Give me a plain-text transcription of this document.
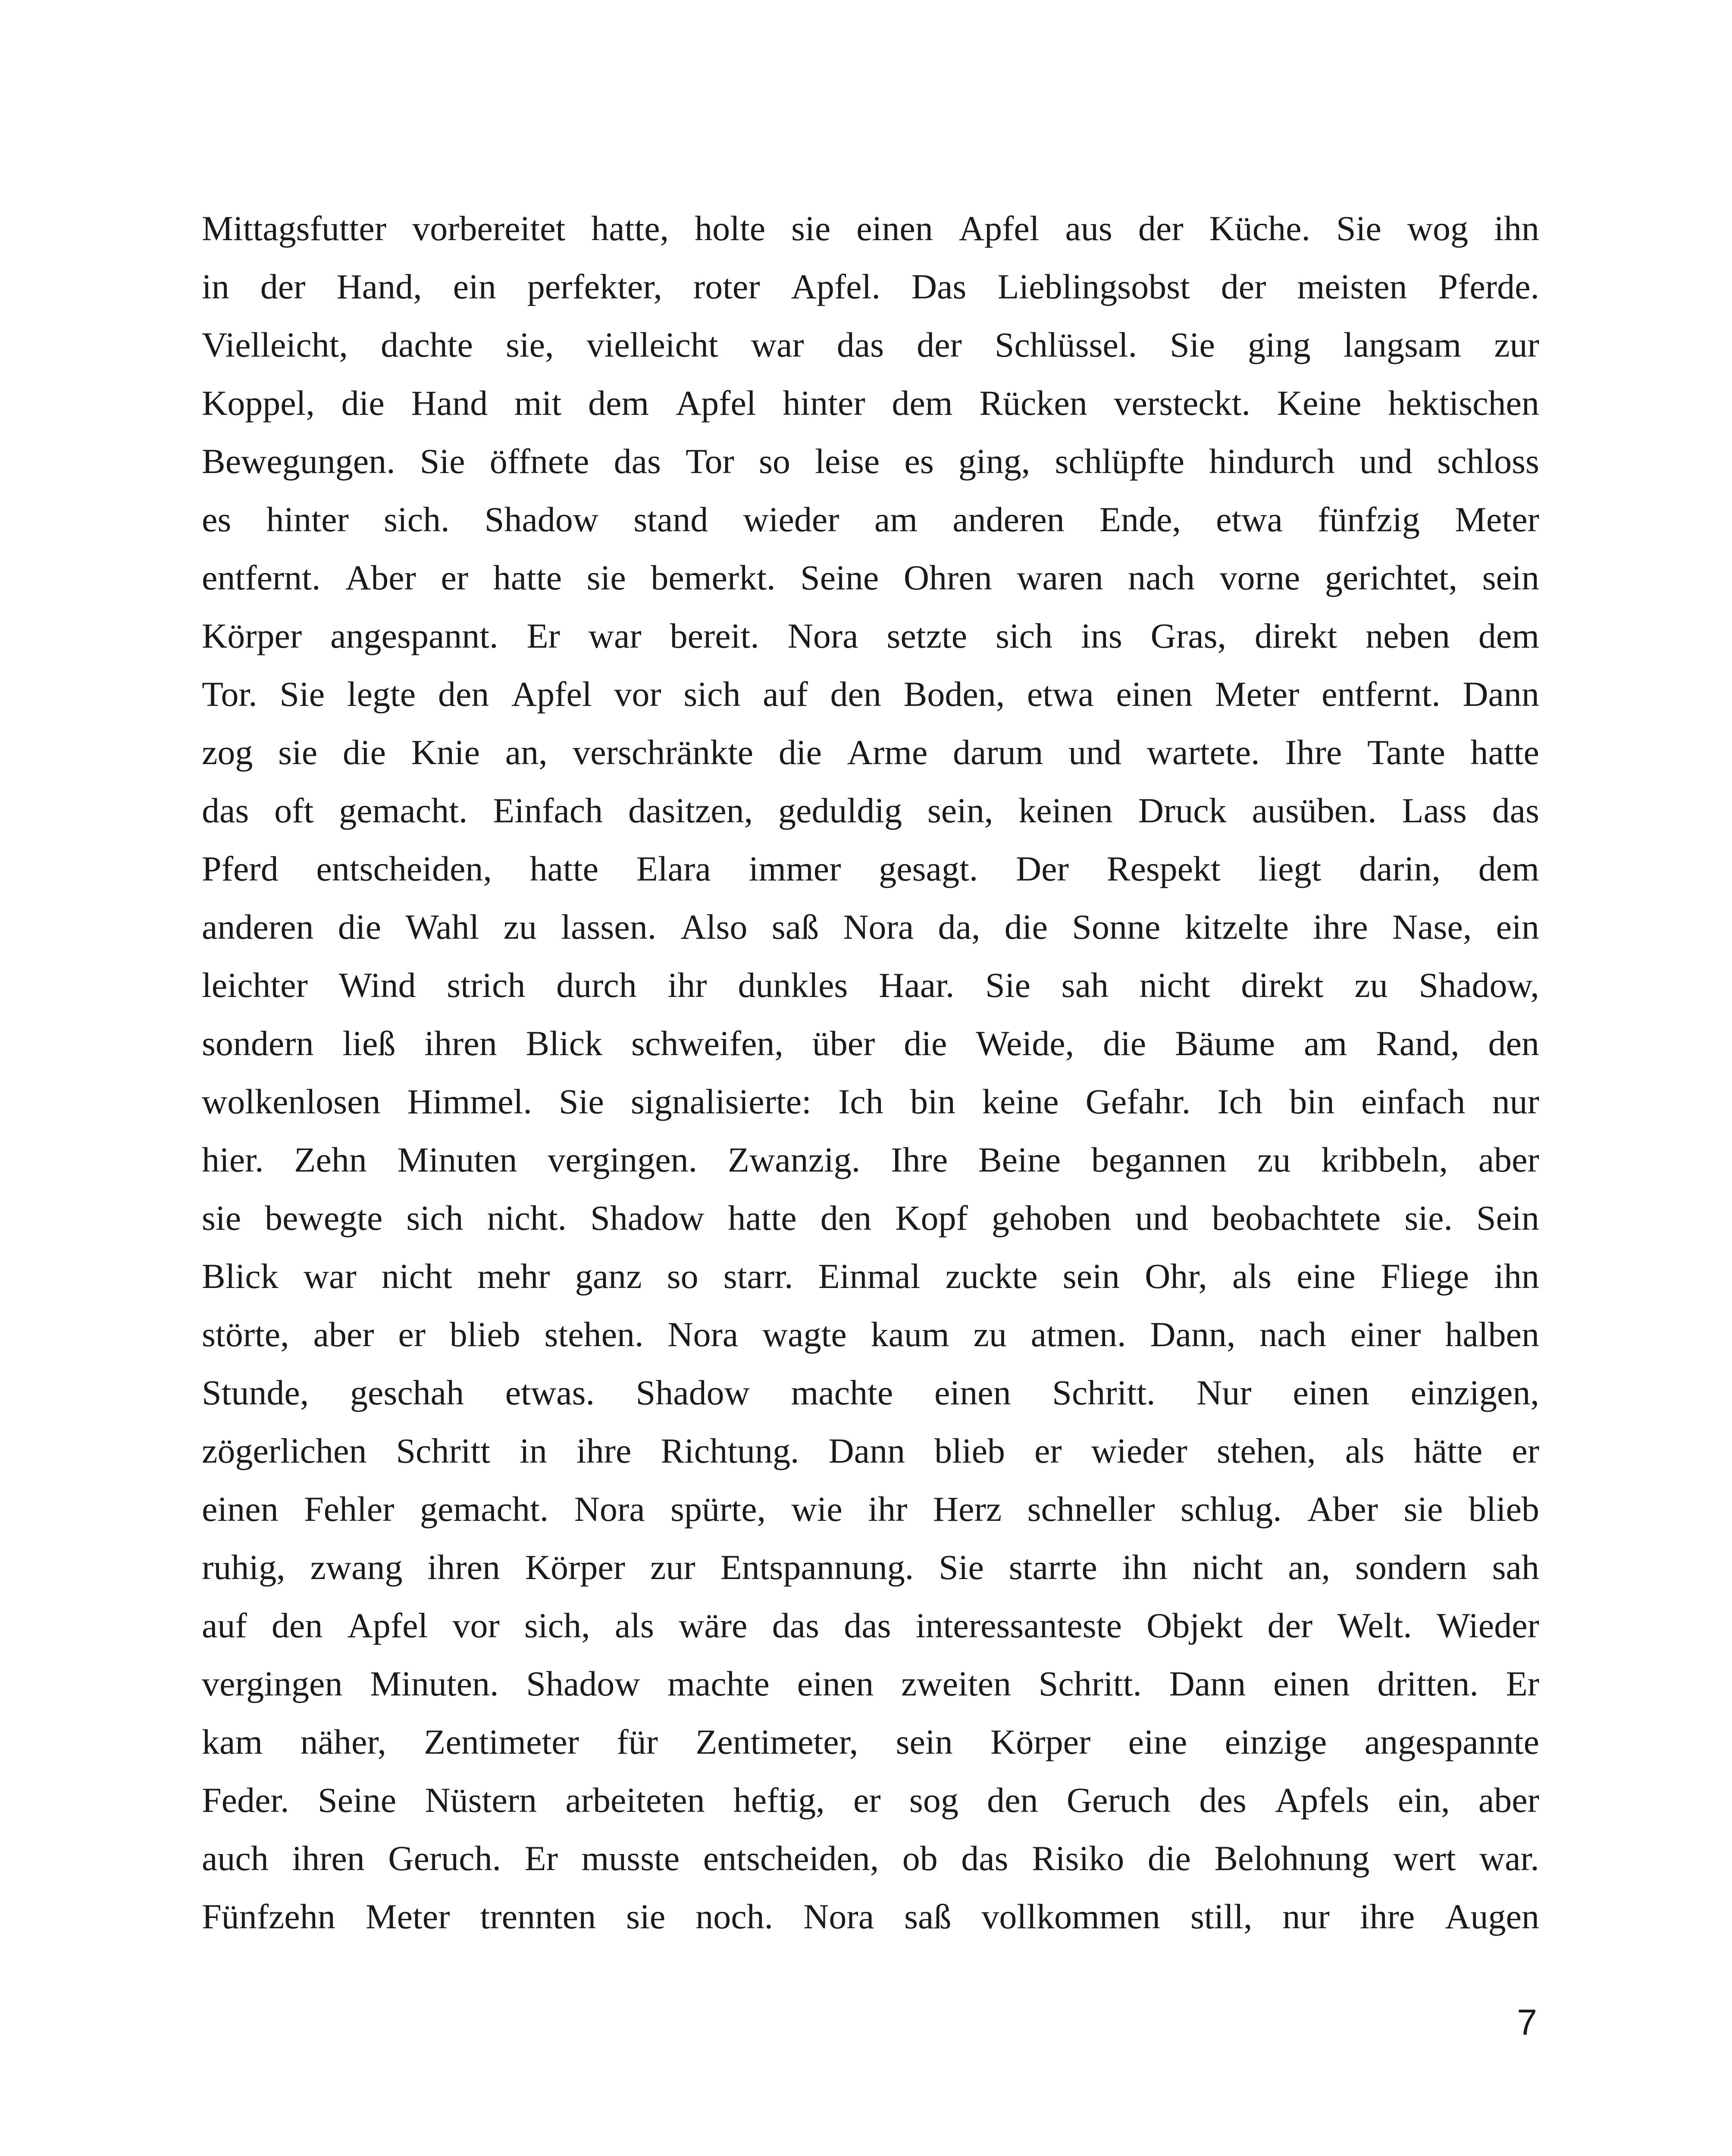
Mittagsfutter vorbereitet hatte, holte sie einen Apfel aus der Küche. Sie wog ihn
in der Hand, ein perfekter, roter Apfel. Das Lieblingsobst der meisten Pferde.
Vielleicht, dachte sie, vielleicht war das der Schlüssel. Sie ging langsam zur
Koppel, die Hand mit dem Apfel hinter dem Rücken versteckt. Keine hektischen
Bewegungen. Sie öffnete das Tor so leise es ging, schlüpfte hindurch und schloss
es hinter sich. Shadow stand wieder am anderen Ende, etwa fünfzig Meter
entfernt. Aber er hatte sie bemerkt. Seine Ohren waren nach vorne gerichtet, sein
Körper angespannt. Er war bereit. Nora setzte sich ins Gras, direkt neben dem
Tor. Sie legte den Apfel vor sich auf den Boden, etwa einen Meter entfernt. Dann
zog sie die Knie an, verschränkte die Arme darum und wartete. Ihre Tante hatte
das oft gemacht. Einfach dasitzen, geduldig sein, keinen Druck ausüben. Lass das
Pferd entscheiden, hatte Elara immer gesagt. Der Respekt liegt darin, dem
anderen die Wahl zu lassen. Also saß Nora da, die Sonne kitzelte ihre Nase, ein
leichter Wind strich durch ihr dunkles Haar. Sie sah nicht direkt zu Shadow,
sondern ließ ihren Blick schweifen, über die Weide, die Bäume am Rand, den
wolkenlosen Himmel. Sie signalisierte: Ich bin keine Gefahr. Ich bin einfach nur
hier. Zehn Minuten vergingen. Zwanzig. Ihre Beine begannen zu kribbeln, aber
sie bewegte sich nicht. Shadow hatte den Kopf gehoben und beobachtete sie. Sein
Blick war nicht mehr ganz so starr. Einmal zuckte sein Ohr, als eine Fliege ihn
störte, aber er blieb stehen. Nora wagte kaum zu atmen. Dann, nach einer halben
Stunde, geschah etwas. Shadow machte einen Schritt. Nur einen einzigen,
zögerlichen Schritt in ihre Richtung. Dann blieb er wieder stehen, als hätte er
einen Fehler gemacht. Nora spürte, wie ihr Herz schneller schlug. Aber sie blieb
ruhig, zwang ihren Körper zur Entspannung. Sie starrte ihn nicht an, sondern sah
auf den Apfel vor sich, als wäre das das interessanteste Objekt der Welt. Wieder
vergingen Minuten. Shadow machte einen zweiten Schritt. Dann einen dritten. Er
kam näher, Zentimeter für Zentimeter, sein Körper eine einzige angespannte
Feder. Seine Nüstern arbeiteten heftig, er sog den Geruch des Apfels ein, aber
auch ihren Geruch. Er musste entscheiden, ob das Risiko die Belohnung wert war.
Fünfzehn Meter trennten sie noch. Nora saß vollkommen still, nur ihre Augen
7
